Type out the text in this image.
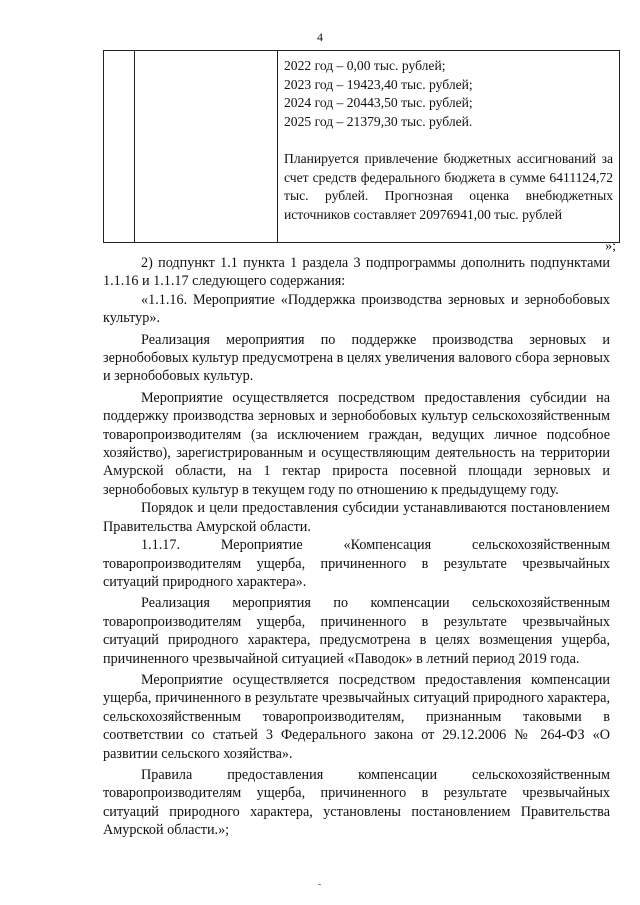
4

2022 год – 0,00 тыс. рублей;
2023 год – 19423,40 тыс. рублей;
2024 год – 20443,50 тыс. рублей;
2025 год – 21379,30 тыс. рублей.
Планируется привлечение бюджетных ассигнований за счет средств федерального бюджета в сумме 6411124,72 тыс. рублей. Прогнозная оценка внебюджетных источников составляет 20976941,00 тыс. рублей
»;

2) подпункт 1.1 пункта 1 раздела 3 подпрограммы дополнить подпунктами 1.1.16 и 1.1.17 следующего содержания:

«1.1.16. Мероприятие «Поддержка производства зерновых и зернобобовых культур».

Реализация мероприятия по поддержке производства зерновых и зернобобовых культур предусмотрена в целях увеличения валового сбора зерновых и зернобобовых культур.

Мероприятие осуществляется посредством предоставления субсидии на поддержку производства зерновых и зернобобовых культур сельскохозяйственным товаропроизводителям (за исключением граждан, ведущих личное подсобное хозяйство), зарегистрированным и осуществляющим деятельность на территории Амурской области, на 1 гектар прироста посевной площади зерновых и зернобобовых культур в текущем году по отношению к предыдущему году.

Порядок и цели предоставления субсидии устанавливаются постановлением Правительства Амурской области.

1.1.17. Мероприятие «Компенсация сельскохозяйственным товаропроизводителям ущерба, причиненного в результате чрезвычайных ситуаций природного характера».

Реализация мероприятия по компенсации сельскохозяйственным товаропроизводителям ущерба, причиненного в результате чрезвычайных ситуаций природного характера, предусмотрена в целях возмещения ущерба, причиненного чрезвычайной ситуацией «Паводок» в летний период 2019 года.

Мероприятие осуществляется посредством предоставления компенсации ущерба, причиненного в результате чрезвычайных ситуаций природного характера, сельскохозяйственным товаропроизводителям, признанным таковыми в соответствии со статьей 3 Федерального закона от 29.12.2006 № 264-ФЗ «О развитии сельского хозяйства».

Правила предоставления компенсации сельскохозяйственным товаропроизводителям ущерба, причиненного в результате чрезвычайных ситуаций природного характера, установлены постановлением Правительства Амурской области.»;
